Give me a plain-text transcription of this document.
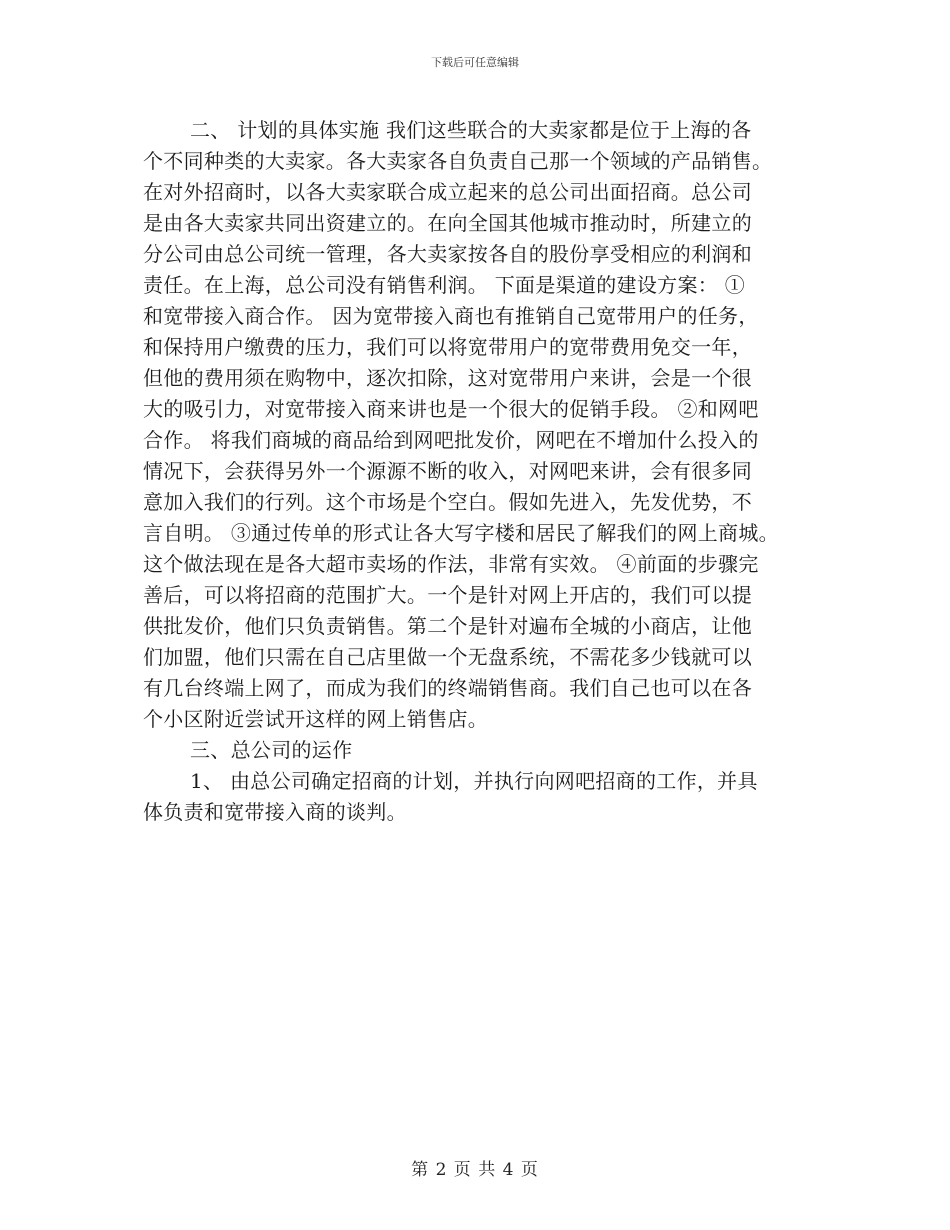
下载后可任意编辑
二、 计划的具体实施 我们这些联合的大卖家都是位于上海的各
个不同种类的大卖家。各大卖家各自负责自己那一个领域的产品销售。
在对外招商时，以各大卖家联合成立起来的总公司出面招商。总公司
是由各大卖家共同出资建立的。在向全国其他城市推动时，所建立的
分公司由总公司统一管理，各大卖家按各自的股份享受相应的利润和
责任。在上海，总公司没有销售利润。 下面是渠道的建设方案： ①
和宽带接入商合作。 因为宽带接入商也有推销自己宽带用户的任务，
和保持用户缴费的压力，我们可以将宽带用户的宽带费用免交一年，
但他的费用须在购物中，逐次扣除，这对宽带用户来讲，会是一个很
大的吸引力，对宽带接入商来讲也是一个很大的促销手段。 ②和网吧
合作。 将我们商城的商品给到网吧批发价，网吧在不增加什么投入的
情况下，会获得另外一个源源不断的收入，对网吧来讲，会有很多同
意加入我们的行列。这个市场是个空白。假如先进入，先发优势，不
言自明。 ③通过传单的形式让各大写字楼和居民了解我们的网上商城。
这个做法现在是各大超市卖场的作法，非常有实效。 ④前面的步骤完
善后，可以将招商的范围扩大。一个是针对网上开店的，我们可以提
供批发价，他们只负责销售。第二个是针对遍布全城的小商店，让他
们加盟，他们只需在自己店里做一个无盘系统，不需花多少钱就可以
有几台终端上网了，而成为我们的终端销售商。我们自己也可以在各
个小区附近尝试开这样的网上销售店。
三、总公司的运作
1、 由总公司确定招商的计划，并执行向网吧招商的工作，并具
体负责和宽带接入商的谈判。
第 2 页 共 4 页
